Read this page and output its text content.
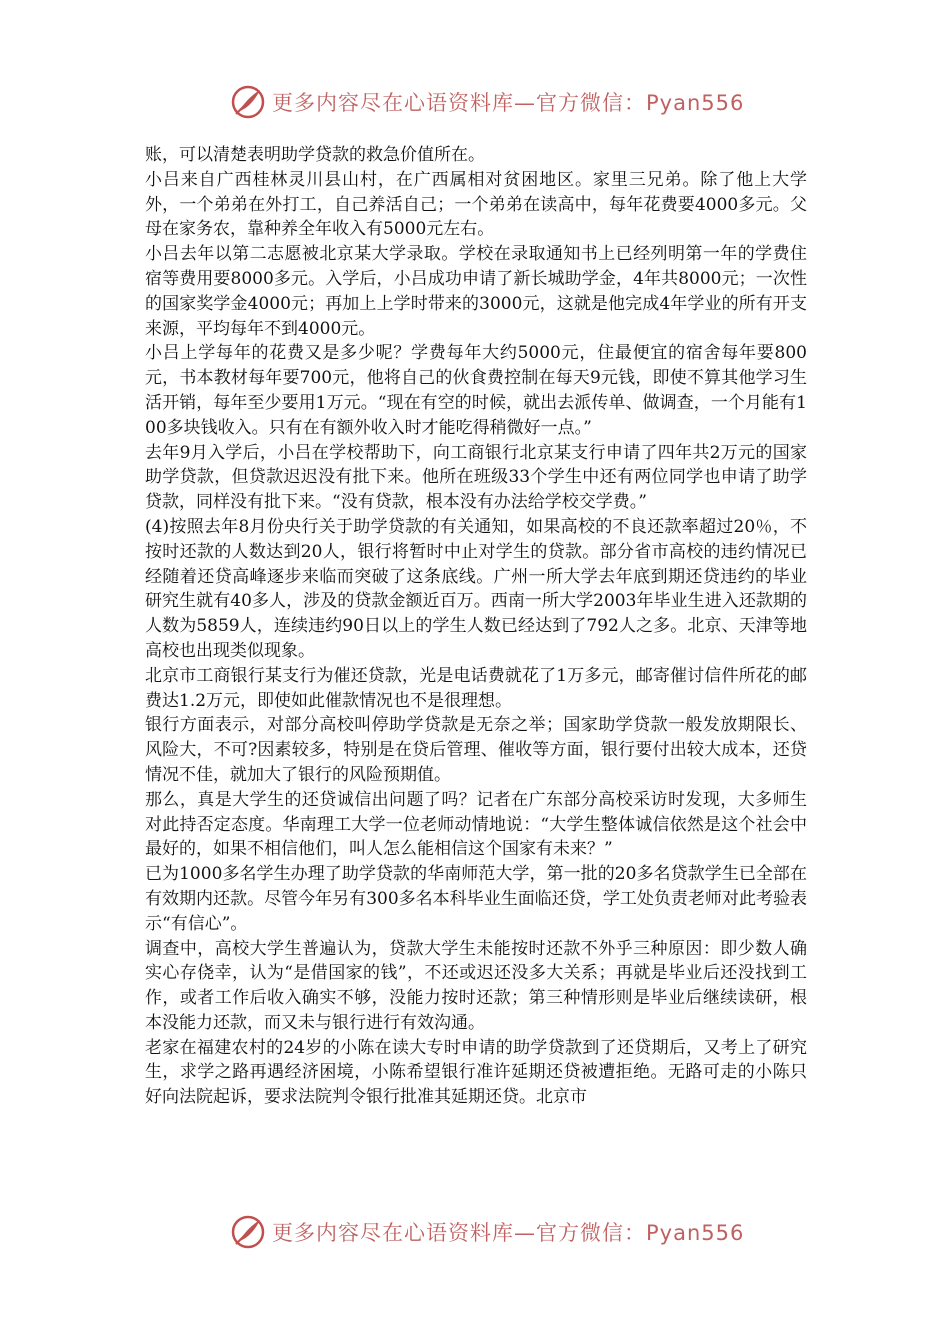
更多内容尽在心语资料库—官方微信：Pyan556

账，可以清楚表明助学贷款的救急价值所在。

小吕来自广西桂林灵川县山村，在广西属相对贫困地区。家里三兄弟。除了他上大学外，一个弟弟在外打工，自己养活自己；一个弟弟在读高中，每年花费要4000多元。父母在家务农，靠种养全年收入有5000元左右。

小吕去年以第二志愿被北京某大学录取。学校在录取通知书上已经列明第一年的学费住宿等费用要8000多元。入学后，小吕成功申请了新长城助学金，4年共8000元；一次性的国家奖学金4000元；再加上上学时带来的3000元，这就是他完成4年学业的所有开支来源，平均每年不到4000元。

小吕上学每年的花费又是多少呢？学费每年大约5000元，住最便宜的宿舍每年要800元，书本教材每年要700元，他将自己的伙食费控制在每天9元钱，即使不算其他学习生活开销，每年至少要用1万元。“现在有空的时候，就出去派传单、做调查，一个月能有100多块钱收入。只有在有额外收入时才能吃得稍微好一点。”

去年9月入学后，小吕在学校帮助下，向工商银行北京某支行申请了四年共2万元的国家助学贷款，但贷款迟迟没有批下来。他所在班级33个学生中还有两位同学也申请了助学贷款，同样没有批下来。“没有贷款，根本没有办法给学校交学费。”

(4)按照去年8月份央行关于助学贷款的有关通知，如果高校的不良还款率超过20％，不按时还款的人数达到20人，银行将暂时中止对学生的贷款。部分省市高校的违约情况已经随着还贷高峰逐步来临而突破了这条底线。广州一所大学去年底到期还贷违约的毕业研究生就有40多人，涉及的贷款金额近百万。西南一所大学2003年毕业生进入还款期的人数为5859人，连续违约90日以上的学生人数已经达到了792人之多。北京、天津等地高校也出现类似现象。

北京市工商银行某支行为催还贷款，光是电话费就花了1万多元，邮寄催讨信件所花的邮费达1.2万元，即使如此催款情况也不是很理想。

银行方面表示，对部分高校叫停助学贷款是无奈之举；国家助学贷款一般发放期限长、风险大，不可?因素较多，特别是在贷后管理、催收等方面，银行要付出较大成本，还贷情况不佳，就加大了银行的风险预期值。

那么，真是大学生的还贷诚信出问题了吗？记者在广东部分高校采访时发现，大多师生对此持否定态度。华南理工大学一位老师动情地说：“大学生整体诚信依然是这个社会中最好的，如果不相信他们，叫人怎么能相信这个国家有未来？”

已为1000多名学生办理了助学贷款的华南师范大学，第一批的20多名贷款学生已全部在有效期内还款。尽管今年另有300多名本科毕业生面临还贷，学工处负责老师对此考验表示“有信心”。

调查中，高校大学生普遍认为，贷款大学生未能按时还款不外乎三种原因：即少数人确实心存侥幸，认为“是借国家的钱”，不还或迟还没多大关系；再就是毕业后还没找到工作，或者工作后收入确实不够，没能力按时还款；第三种情形则是毕业后继续读研，根本没能力还款，而又未与银行进行有效沟通。

老家在福建农村的24岁的小陈在读大专时申请的助学贷款到了还贷期后，又考上了研究生，求学之路再遇经济困境，小陈希望银行准许延期还贷被遭拒绝。无路可走的小陈只好向法院起诉，要求法院判令银行批准其延期还贷。北京市

更多内容尽在心语资料库—官方微信：Pyan556
